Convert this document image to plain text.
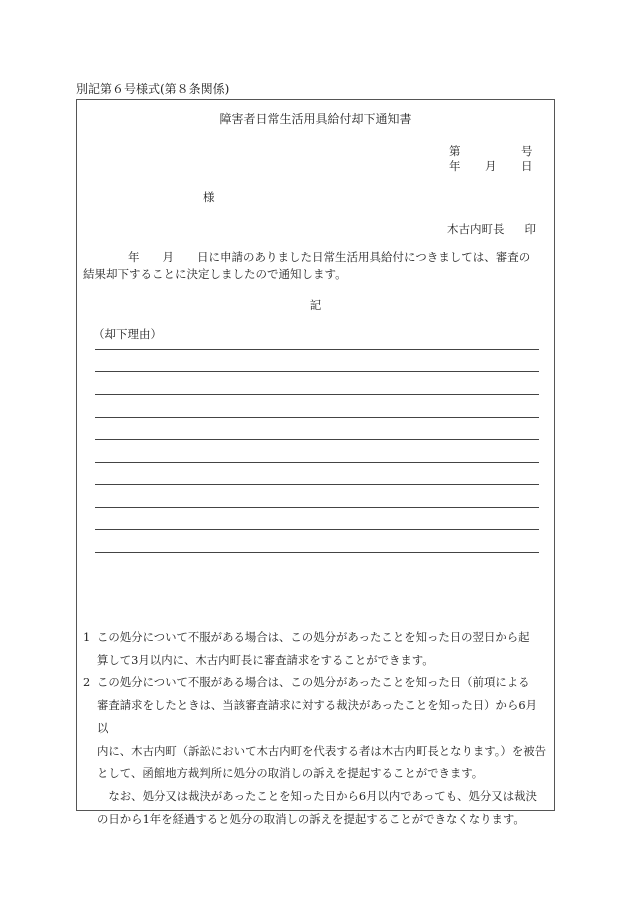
別記第６号様式(第８条関係)
障害者日常生活用具給付却下通知書
第	号
年 月 日
様
木古内町長 印
年　　月　　日に申請のありました日常生活用具給付につきましては、審査の
結果却下することに決定しましたので通知します。
記
（却下理由）
1 この処分について不服がある場合は、この処分があったことを知った日の翌日から起
算して3月以内に、木古内町長に審査請求をすることができます。
2 この処分について不服がある場合は、この処分があったことを知った日（前項による
審査請求をしたときは、当該審査請求に対する裁決があったことを知った日）から6月以
内に、木古内町（訴訟において木古内町を代表する者は木古内町長となります。）を被告
として、函館地方裁判所に処分の取消しの訴えを提起することができます。
　なお、処分又は裁決があったことを知った日から6月以内であっても、処分又は裁決
の日から1年を経過すると処分の取消しの訴えを提起することができなくなります。
